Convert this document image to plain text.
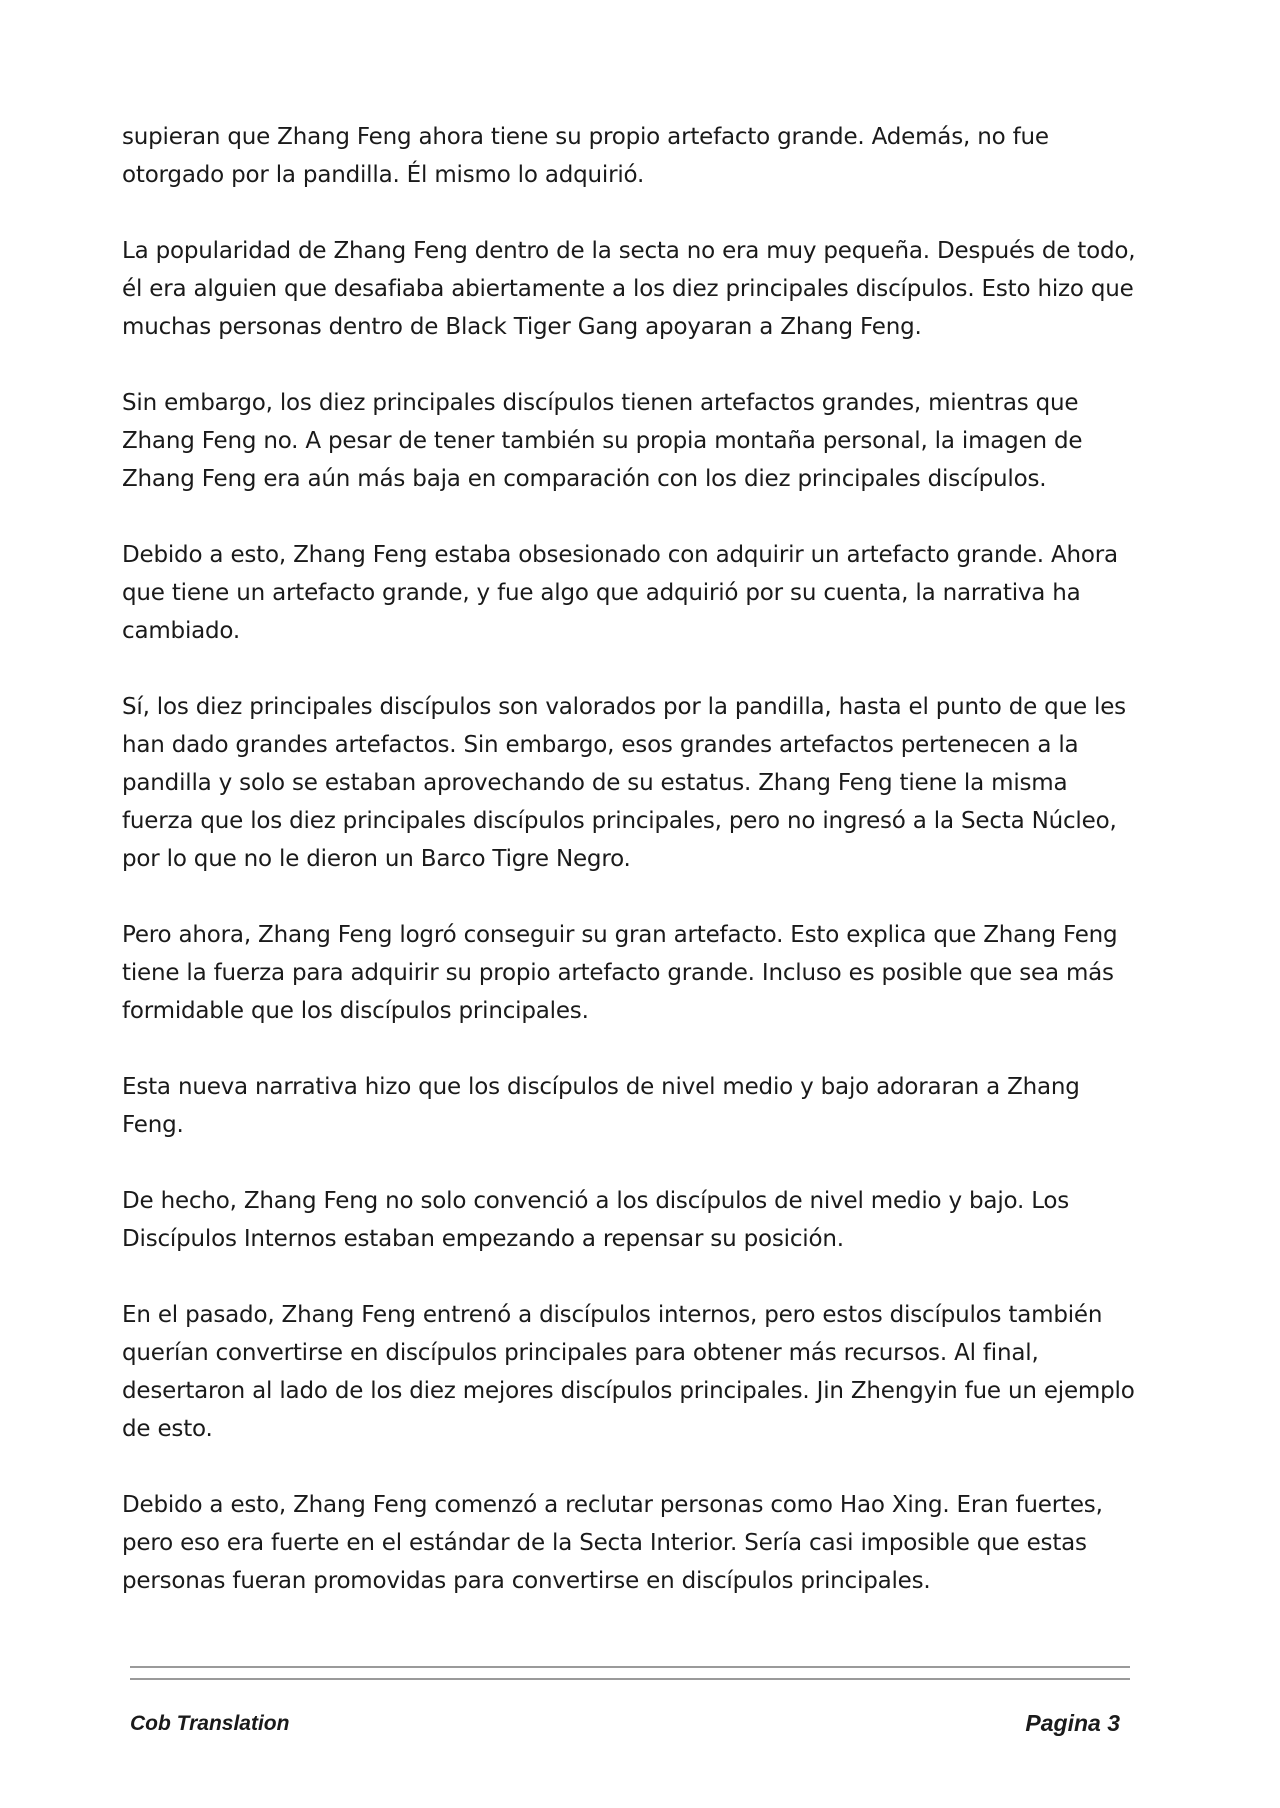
supieran que Zhang Feng ahora tiene su propio artefacto grande. Además, no fue otorgado por la pandilla. Él mismo lo adquirió.

La popularidad de Zhang Feng dentro de la secta no era muy pequeña. Después de todo, él era alguien que desafiaba abiertamente a los diez principales discípulos. Esto hizo que muchas personas dentro de Black Tiger Gang apoyaran a Zhang Feng.

Sin embargo, los diez principales discípulos tienen artefactos grandes, mientras que Zhang Feng no. A pesar de tener también su propia montaña personal, la imagen de Zhang Feng era aún más baja en comparación con los diez principales discípulos.

Debido a esto, Zhang Feng estaba obsesionado con adquirir un artefacto grande. Ahora que tiene un artefacto grande, y fue algo que adquirió por su cuenta, la narrativa ha cambiado.

Sí, los diez principales discípulos son valorados por la pandilla, hasta el punto de que les han dado grandes artefactos. Sin embargo, esos grandes artefactos pertenecen a la pandilla y solo se estaban aprovechando de su estatus. Zhang Feng tiene la misma fuerza que los diez principales discípulos principales, pero no ingresó a la Secta Núcleo, por lo que no le dieron un Barco Tigre Negro.

Pero ahora, Zhang Feng logró conseguir su gran artefacto. Esto explica que Zhang Feng tiene la fuerza para adquirir su propio artefacto grande. Incluso es posible que sea más formidable que los discípulos principales.

Esta nueva narrativa hizo que los discípulos de nivel medio y bajo adoraran a Zhang Feng.

De hecho, Zhang Feng no solo convenció a los discípulos de nivel medio y bajo. Los Discípulos Internos estaban empezando a repensar su posición.

En el pasado, Zhang Feng entrenó a discípulos internos, pero estos discípulos también querían convertirse en discípulos principales para obtener más recursos. Al final, desertaron al lado de los diez mejores discípulos principales. Jin Zhengyin fue un ejemplo de esto.

Debido a esto, Zhang Feng comenzó a reclutar personas como Hao Xing. Eran fuertes, pero eso era fuerte en el estándar de la Secta Interior. Sería casi imposible que estas personas fueran promovidas para convertirse en discípulos principales.

Cob Translation	Pagina 3
